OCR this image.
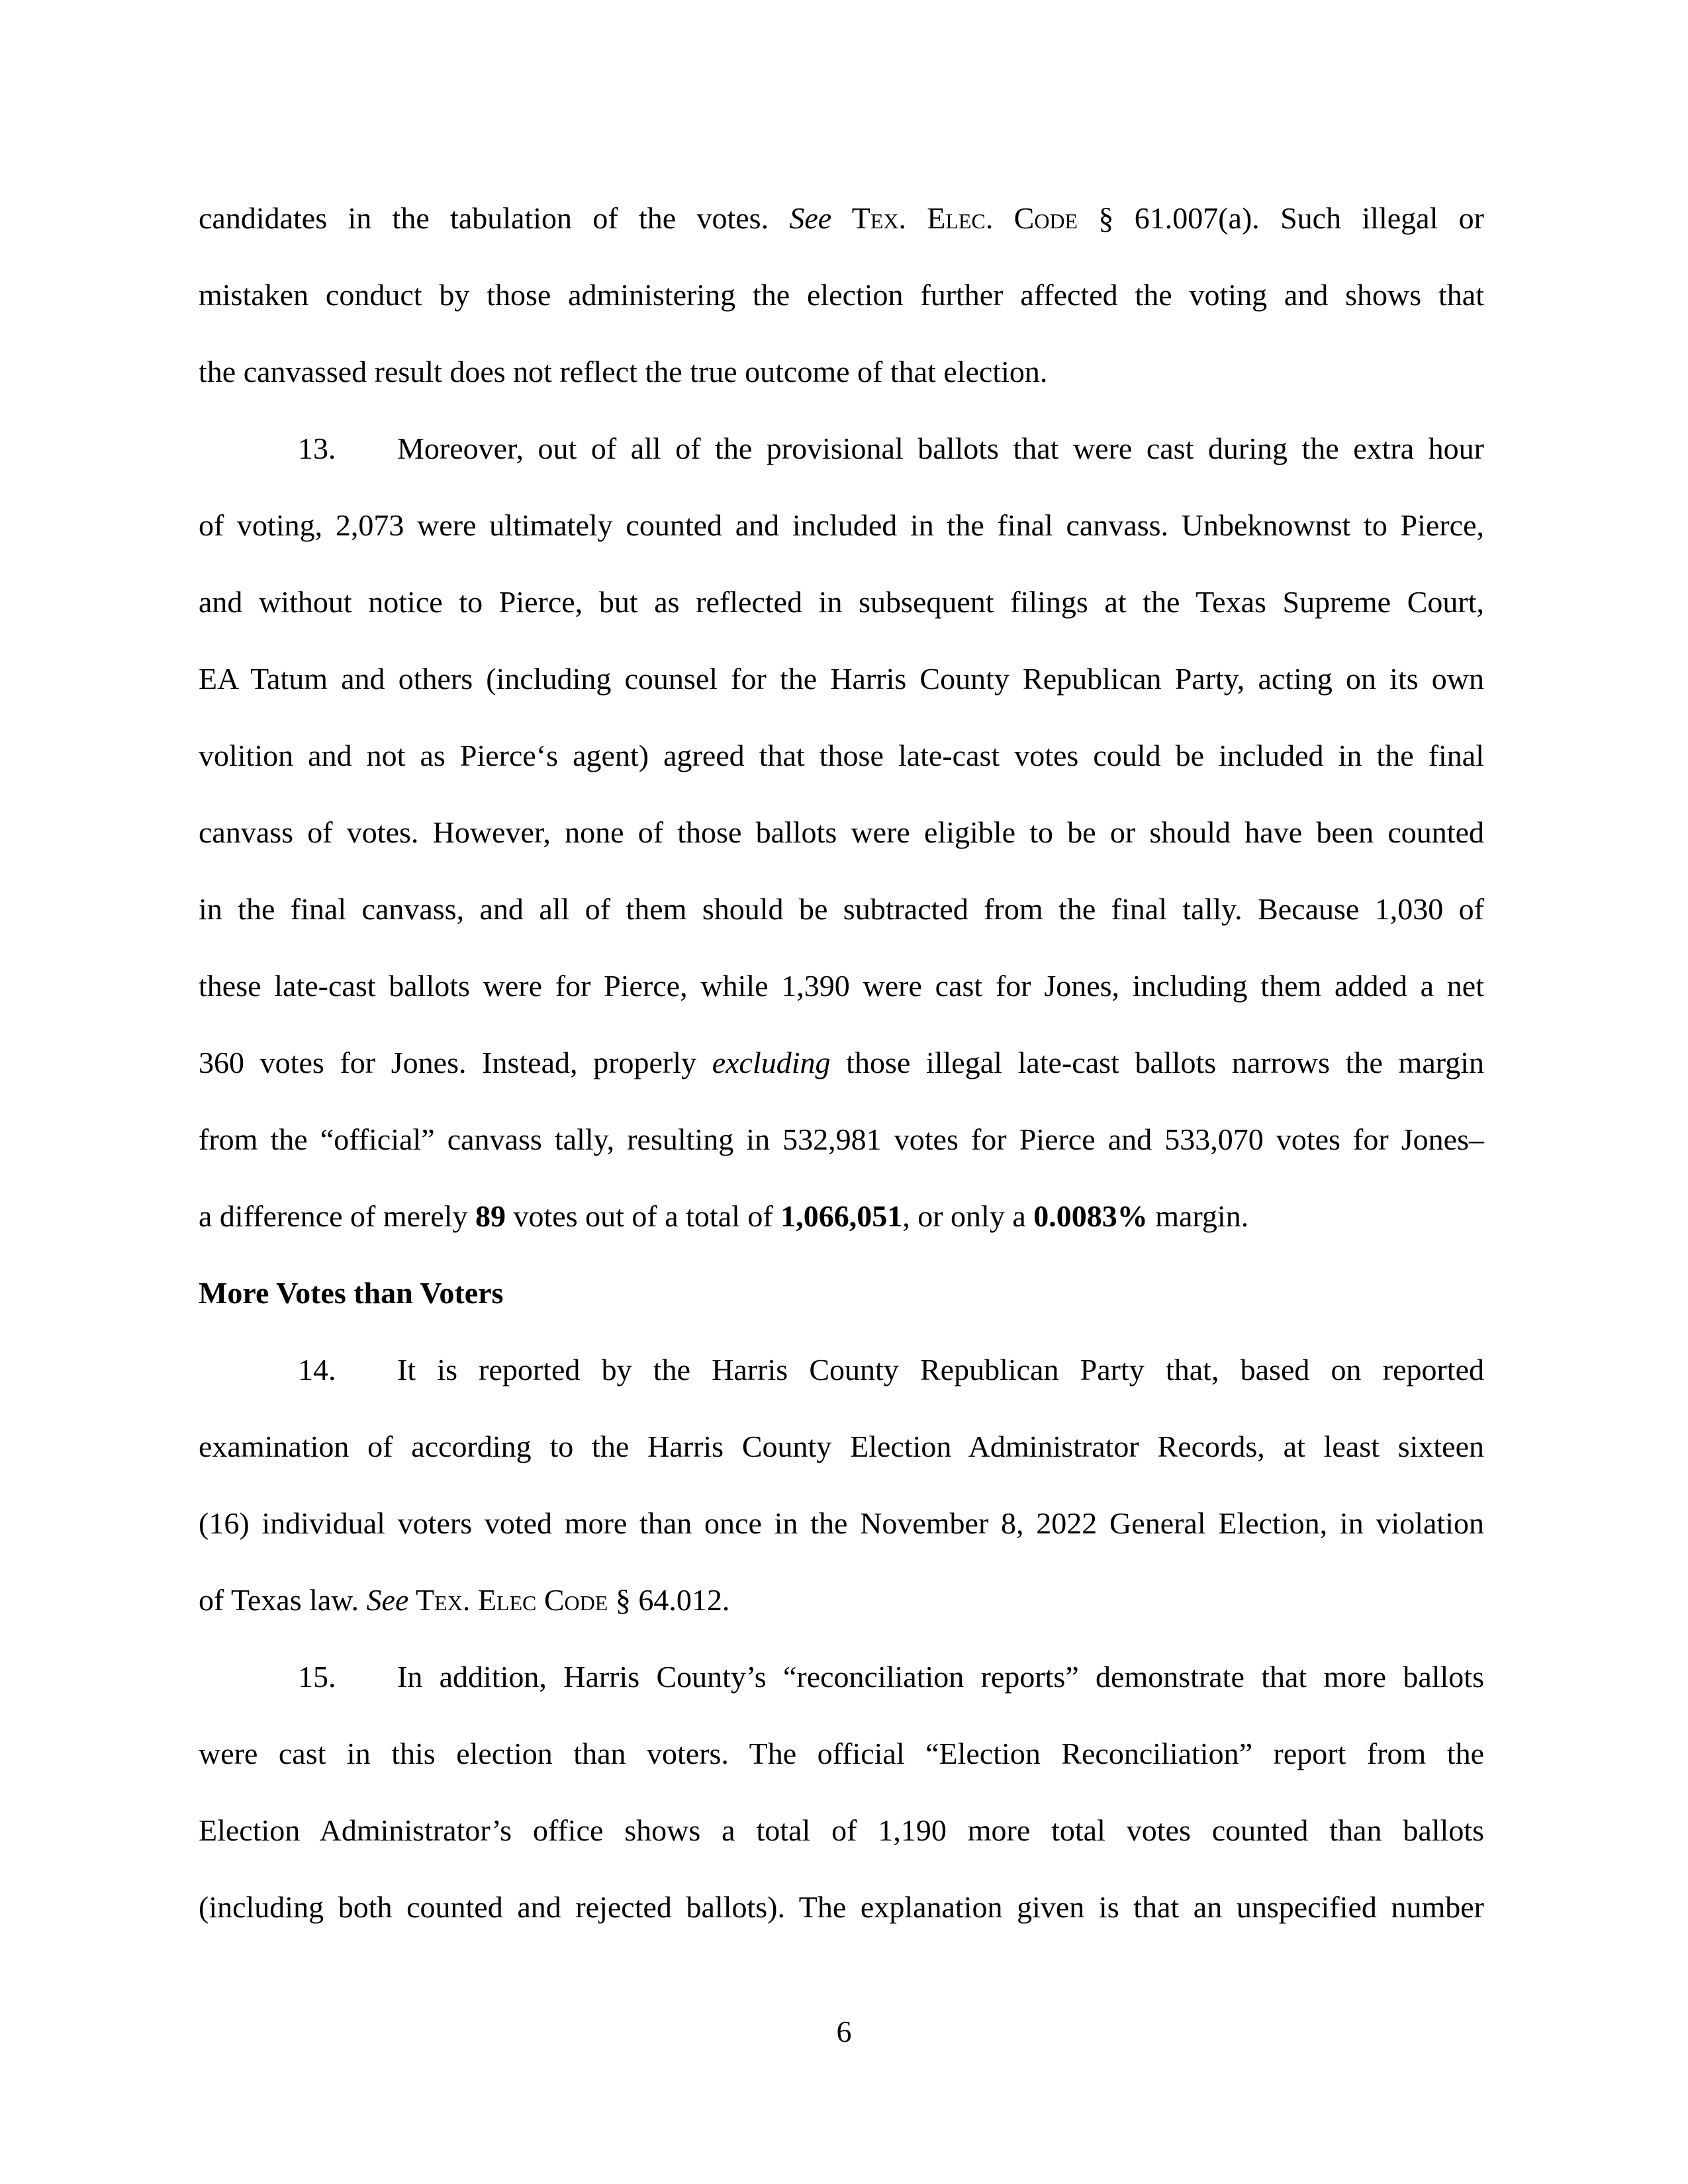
candidates in the tabulation of the votes. See Tex. Elec. Code § 61.007(a). Such illegal or
mistaken conduct by those administering the election further affected the voting and shows that
the canvassed result does not reflect the true outcome of that election.
13. Moreover, out of all of the provisional ballots that were cast during the extra hour
of voting, 2,073 were ultimately counted and included in the final canvass. Unbeknownst to Pierce,
and without notice to Pierce, but as reflected in subsequent filings at the Texas Supreme Court,
EA Tatum and others (including counsel for the Harris County Republican Party, acting on its own
volition and not as Pierce‘s agent) agreed that those late-cast votes could be included in the final
canvass of votes. However, none of those ballots were eligible to be or should have been counted
in the final canvass, and all of them should be subtracted from the final tally. Because 1,030 of
these late-cast ballots were for Pierce, while 1,390 were cast for Jones, including them added a net
360 votes for Jones. Instead, properly excluding those illegal late-cast ballots narrows the margin
from the “official” canvass tally, resulting in 532,981 votes for Pierce and 533,070 votes for Jones–
a difference of merely 89 votes out of a total of 1,066,051, or only a 0.0083% margin.
More Votes than Voters
14. It is reported by the Harris County Republican Party that, based on reported
examination of according to the Harris County Election Administrator Records, at least sixteen
(16) individual voters voted more than once in the November 8, 2022 General Election, in violation
of Texas law. See Tex. Elec Code § 64.012.
15. In addition, Harris County’s “reconciliation reports” demonstrate that more ballots
were cast in this election than voters. The official “Election Reconciliation” report from the
Election Administrator’s office shows a total of 1,190 more total votes counted than ballots
(including both counted and rejected ballots). The explanation given is that an unspecified number
6
